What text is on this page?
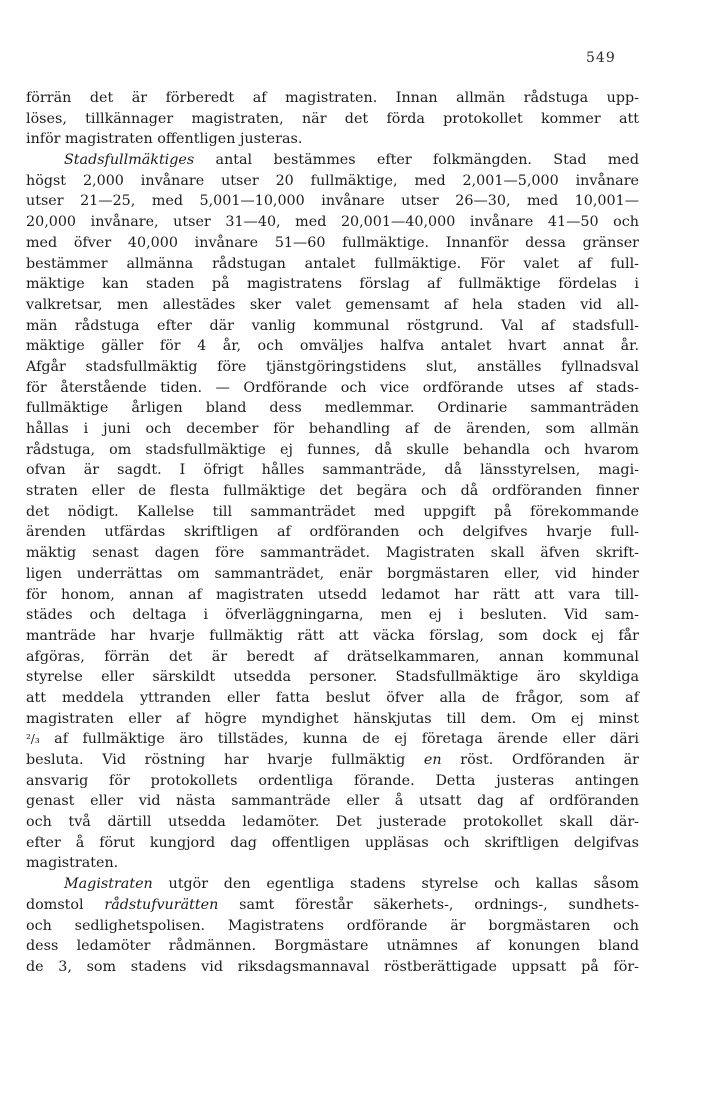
549
förrän det är förberedt af magistraten. Innan allmän rådstuga upp-
löses, tillkännager magistraten, när det förda protokollet kommer att
inför magistraten offentligen justeras.
Stadsfullmäktiges antal bestämmes efter folkmängden. Stad med
högst 2,000 invånare utser 20 fullmäktige, med 2,001—5,000 invånare
utser 21—25, med 5,001—10,000 invånare utser 26—30, med 10,001—
20,000 invånare, utser 31—40, med 20,001—40,000 invånare 41—50 och
med öfver 40,000 invånare 51—60 fullmäktige. Innanför dessa gränser
bestämmer allmänna rådstugan antalet fullmäktige. För valet af full-
mäktige kan staden på magistratens förslag af fullmäktige fördelas i
valkretsar, men allestädes sker valet gemensamt af hela staden vid all-
män rådstuga efter där vanlig kommunal röstgrund. Val af stadsfull-
mäktige gäller för 4 år, och omväljes halfva antalet hvart annat år.
Afgår stadsfullmäktig före tjänstgöringstidens slut, anställes fyllnadsval
för återstående tiden. — Ordförande och vice ordförande utses af stads-
fullmäktige årligen bland dess medlemmar. Ordinarie sammanträden
hållas i juni och december för behandling af de ärenden, som allmän
rådstuga, om stadsfullmäktige ej funnes, då skulle behandla och hvarom
ofvan är sagdt. I öfrigt hålles sammanträde, då länsstyrelsen, magi-
straten eller de flesta fullmäktige det begära och då ordföranden finner
det nödigt. Kallelse till sammanträdet med uppgift på förekommande
ärenden utfärdas skriftligen af ordföranden och delgifves hvarje full-
mäktig senast dagen före sammanträdet. Magistraten skall äfven skrift-
ligen underrättas om sammanträdet, enär borgmästaren eller, vid hinder
för honom, annan af magistraten utsedd ledamot har rätt att vara till-
städes och deltaga i öfverläggningarna, men ej i besluten. Vid sam-
manträde har hvarje fullmäktig rätt att väcka förslag, som dock ej får
afgöras, förrän det är beredt af drätselkammaren, annan kommunal
styrelse eller särskildt utsedda personer. Stadsfullmäktige äro skyldiga
att meddela yttranden eller fatta beslut öfver alla de frågor, som af
magistraten eller af högre myndighet hänskjutas till dem. Om ej minst
²/₃ af fullmäktige äro tillstädes, kunna de ej företaga ärende eller däri
besluta. Vid röstning har hvarje fullmäktig en röst. Ordföranden är
ansvarig för protokollets ordentliga förande. Detta justeras antingen
genast eller vid nästa sammanträde eller å utsatt dag af ordföranden
och två därtill utsedda ledamöter. Det justerade protokollet skall där-
efter å förut kungjord dag offentligen uppläsas och skriftligen delgifvas
magistraten.
Magistraten utgör den egentliga stadens styrelse och kallas såsom
domstol rådstufvurätten samt förestår säkerhets-, ordnings-, sundhets-
och sedlighetspolisen. Magistratens ordförande är borgmästaren och
dess ledamöter rådmännen. Borgmästare utnämnes af konungen bland
de 3, som stadens vid riksdagsmannaval röstberättigade uppsatt på för-
